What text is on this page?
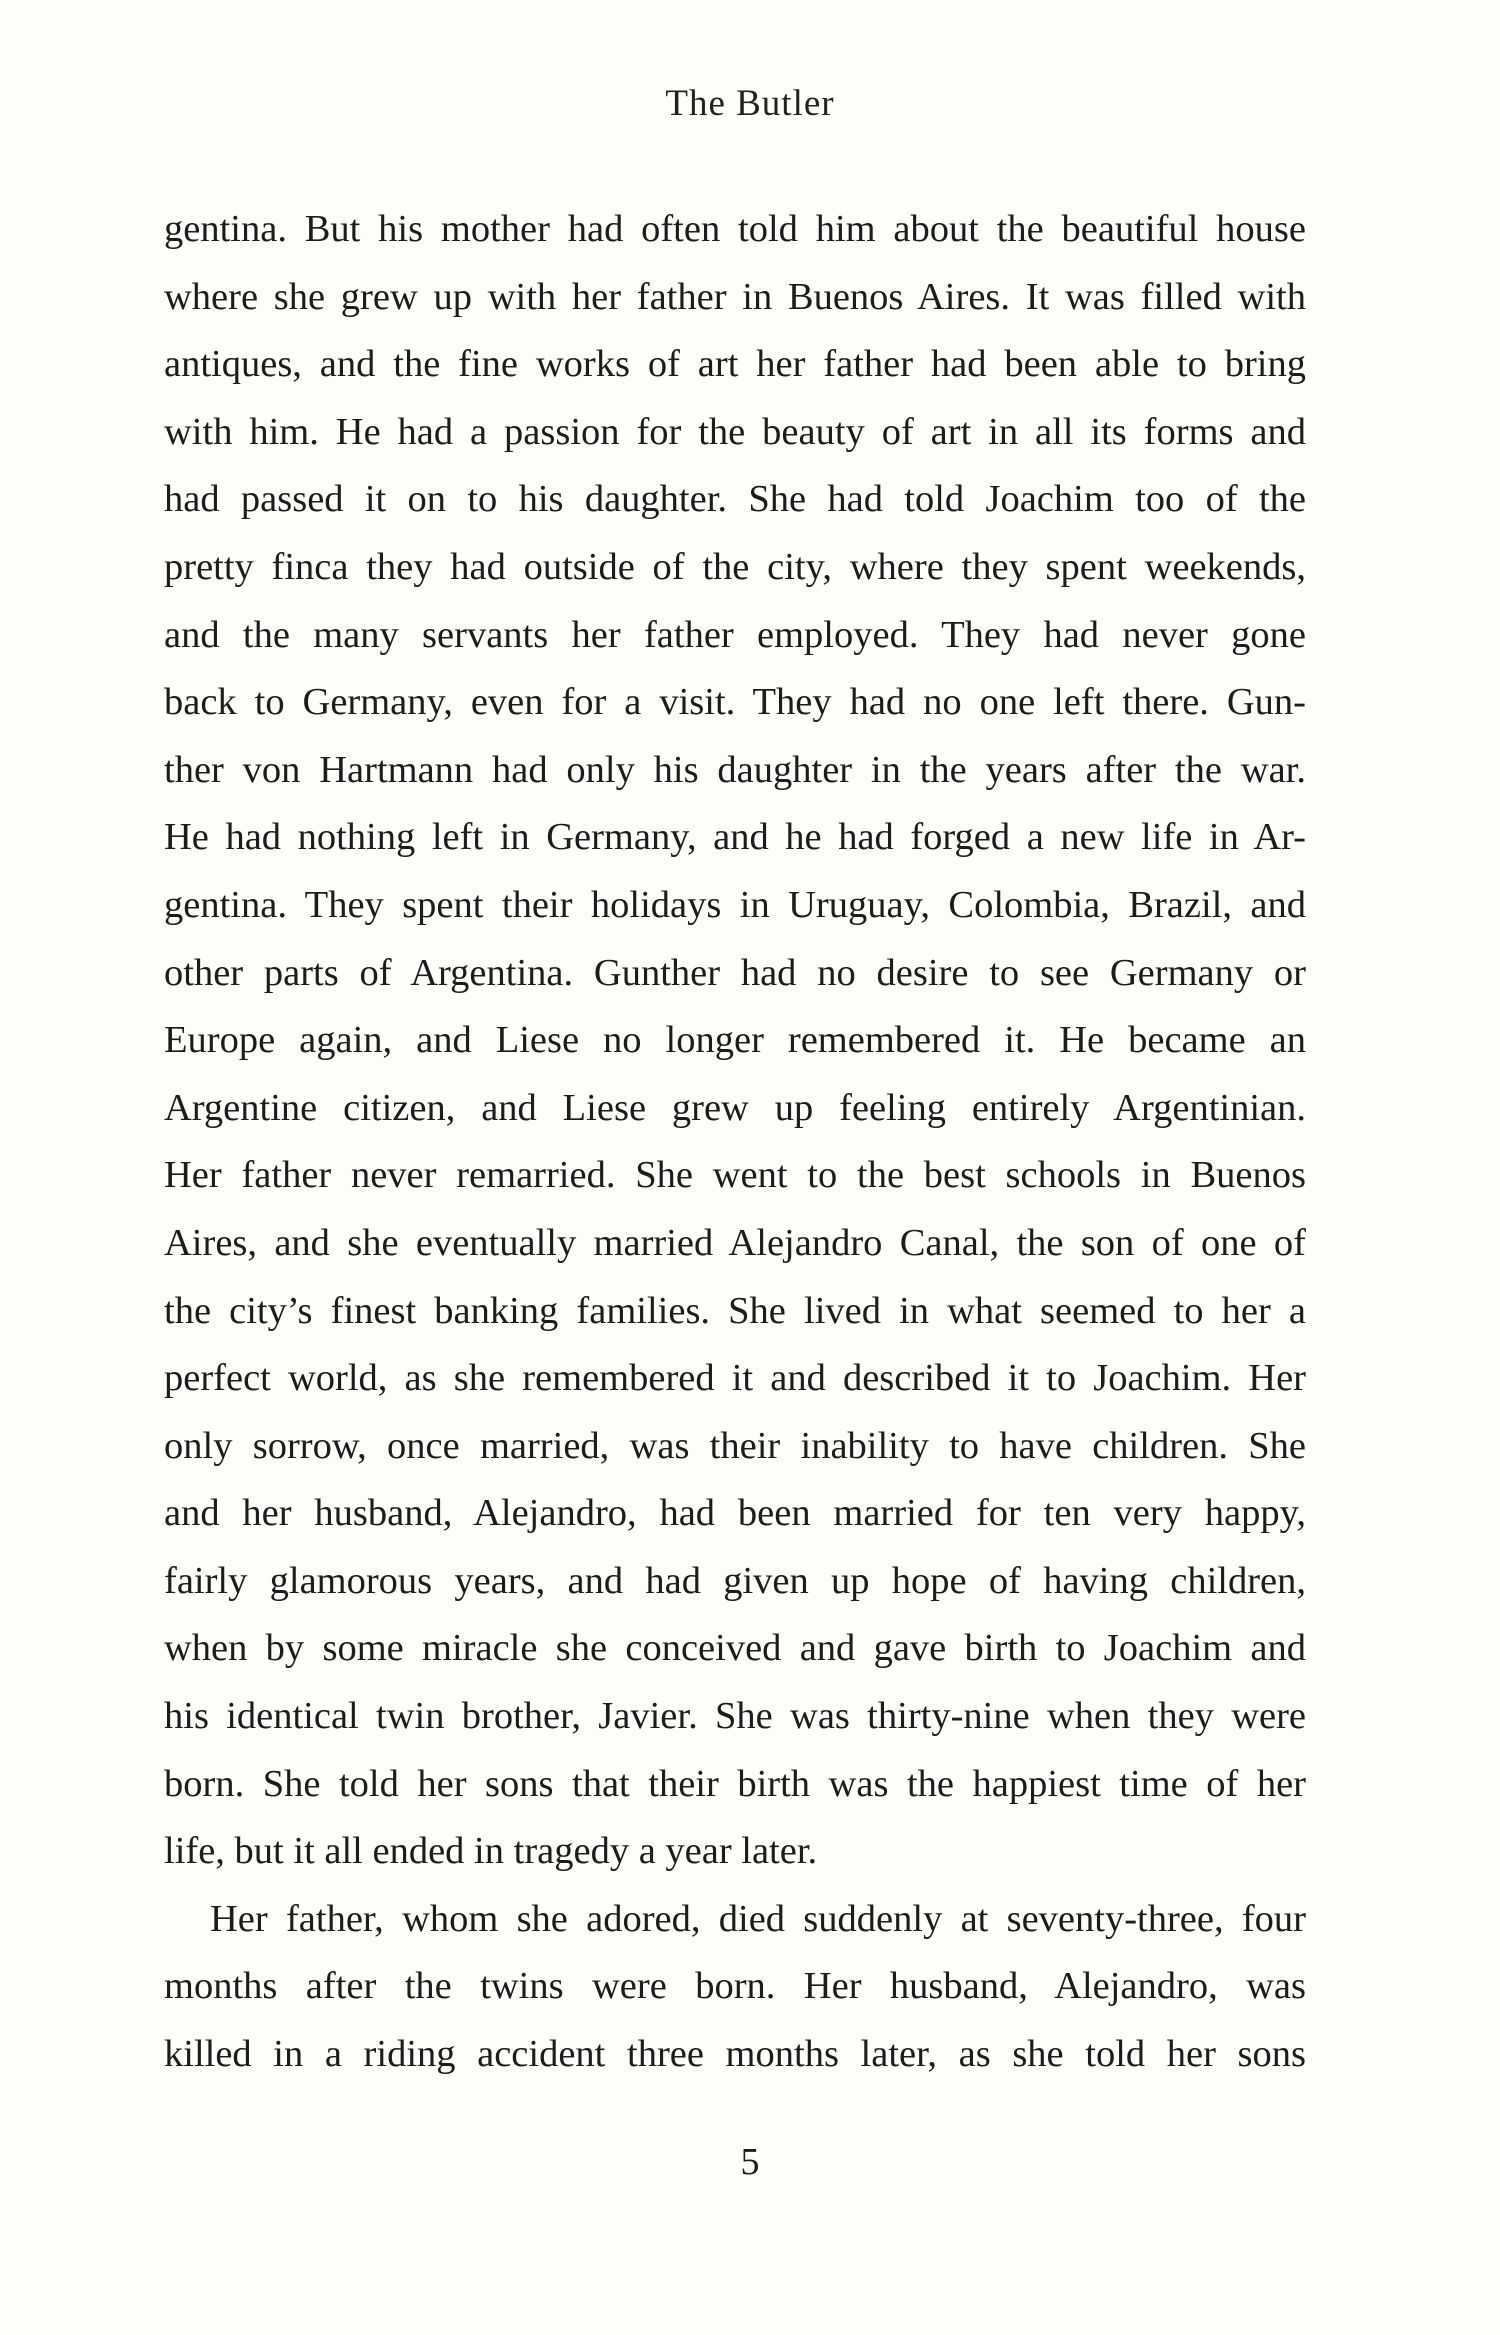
The Butler
gentina. But his mother had often told him about the beautiful house
where she grew up with her father in Buenos Aires. It was filled with
antiques, and the fine works of art her father had been able to bring
with him. He had a passion for the beauty of art in all its forms and
had passed it on to his daughter. She had told Joachim too of the
pretty finca they had outside of the city, where they spent weekends,
and the many servants her father employed. They had never gone
back to Germany, even for a visit. They had no one left there. Gun-
ther von Hartmann had only his daughter in the years after the war.
He had nothing left in Germany, and he had forged a new life in Ar-
gentina. They spent their holidays in Uruguay, Colombia, Brazil, and
other parts of Argentina. Gunther had no desire to see Germany or
Europe again, and Liese no longer remembered it. He became an
Argentine citizen, and Liese grew up feeling entirely Argentinian.
Her father never remarried. She went to the best schools in Buenos
Aires, and she eventually married Alejandro Canal, the son of one of
the city’s finest banking families. She lived in what seemed to her a
perfect world, as she remembered it and described it to Joachim. Her
only sorrow, once married, was their inability to have children. She
and her husband, Alejandro, had been married for ten very happy,
fairly glamorous years, and had given up hope of having children,
when by some miracle she conceived and gave birth to Joachim and
his identical twin brother, Javier. She was thirty-nine when they were
born. She told her sons that their birth was the happiest time of her
life, but it all ended in tragedy a year later.
Her father, whom she adored, died suddenly at seventy-three, four
months after the twins were born. Her husband, Alejandro, was
killed in a riding accident three months later, as she told her sons
5
